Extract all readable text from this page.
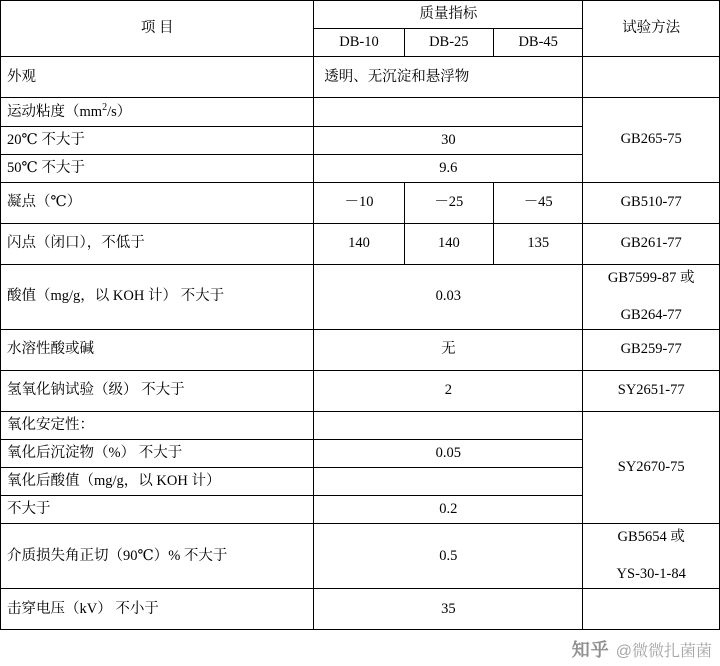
项 目	质量指标			试验方法
	DB-10	DB-25	DB-45	
外观	透明、无沉淀和悬浮物			
运动粘度$(mm^2/s)$				GB265-75
20℃ 不大于	30			
50℃ 不大于	9.6			
凝点（℃）	－10	－25	－45	GB510-77
闪点（闭口），不低于	140	140	135	GB261-77
酸值（mg/g，以 KOH 计） 不大于	0.03			GB7599-87 或
GB264-77

水溶性酸或碱	无			GB259-77
氢氧化钠试验（级） 不大于	2			SY2651-77
氧化安定性：				SY2670-75
氧化后沉淀物（%） 不大于	0.05			
氧化后酸值（mg/g，以 KOH 计）				
不大于	0.2			
介质损失角正切（90℃）% 不大于	0.5			GB5654 或
YS-30-1-84

击穿电压（kV） 不小于	35			
知乎 @微微扎菌菌
